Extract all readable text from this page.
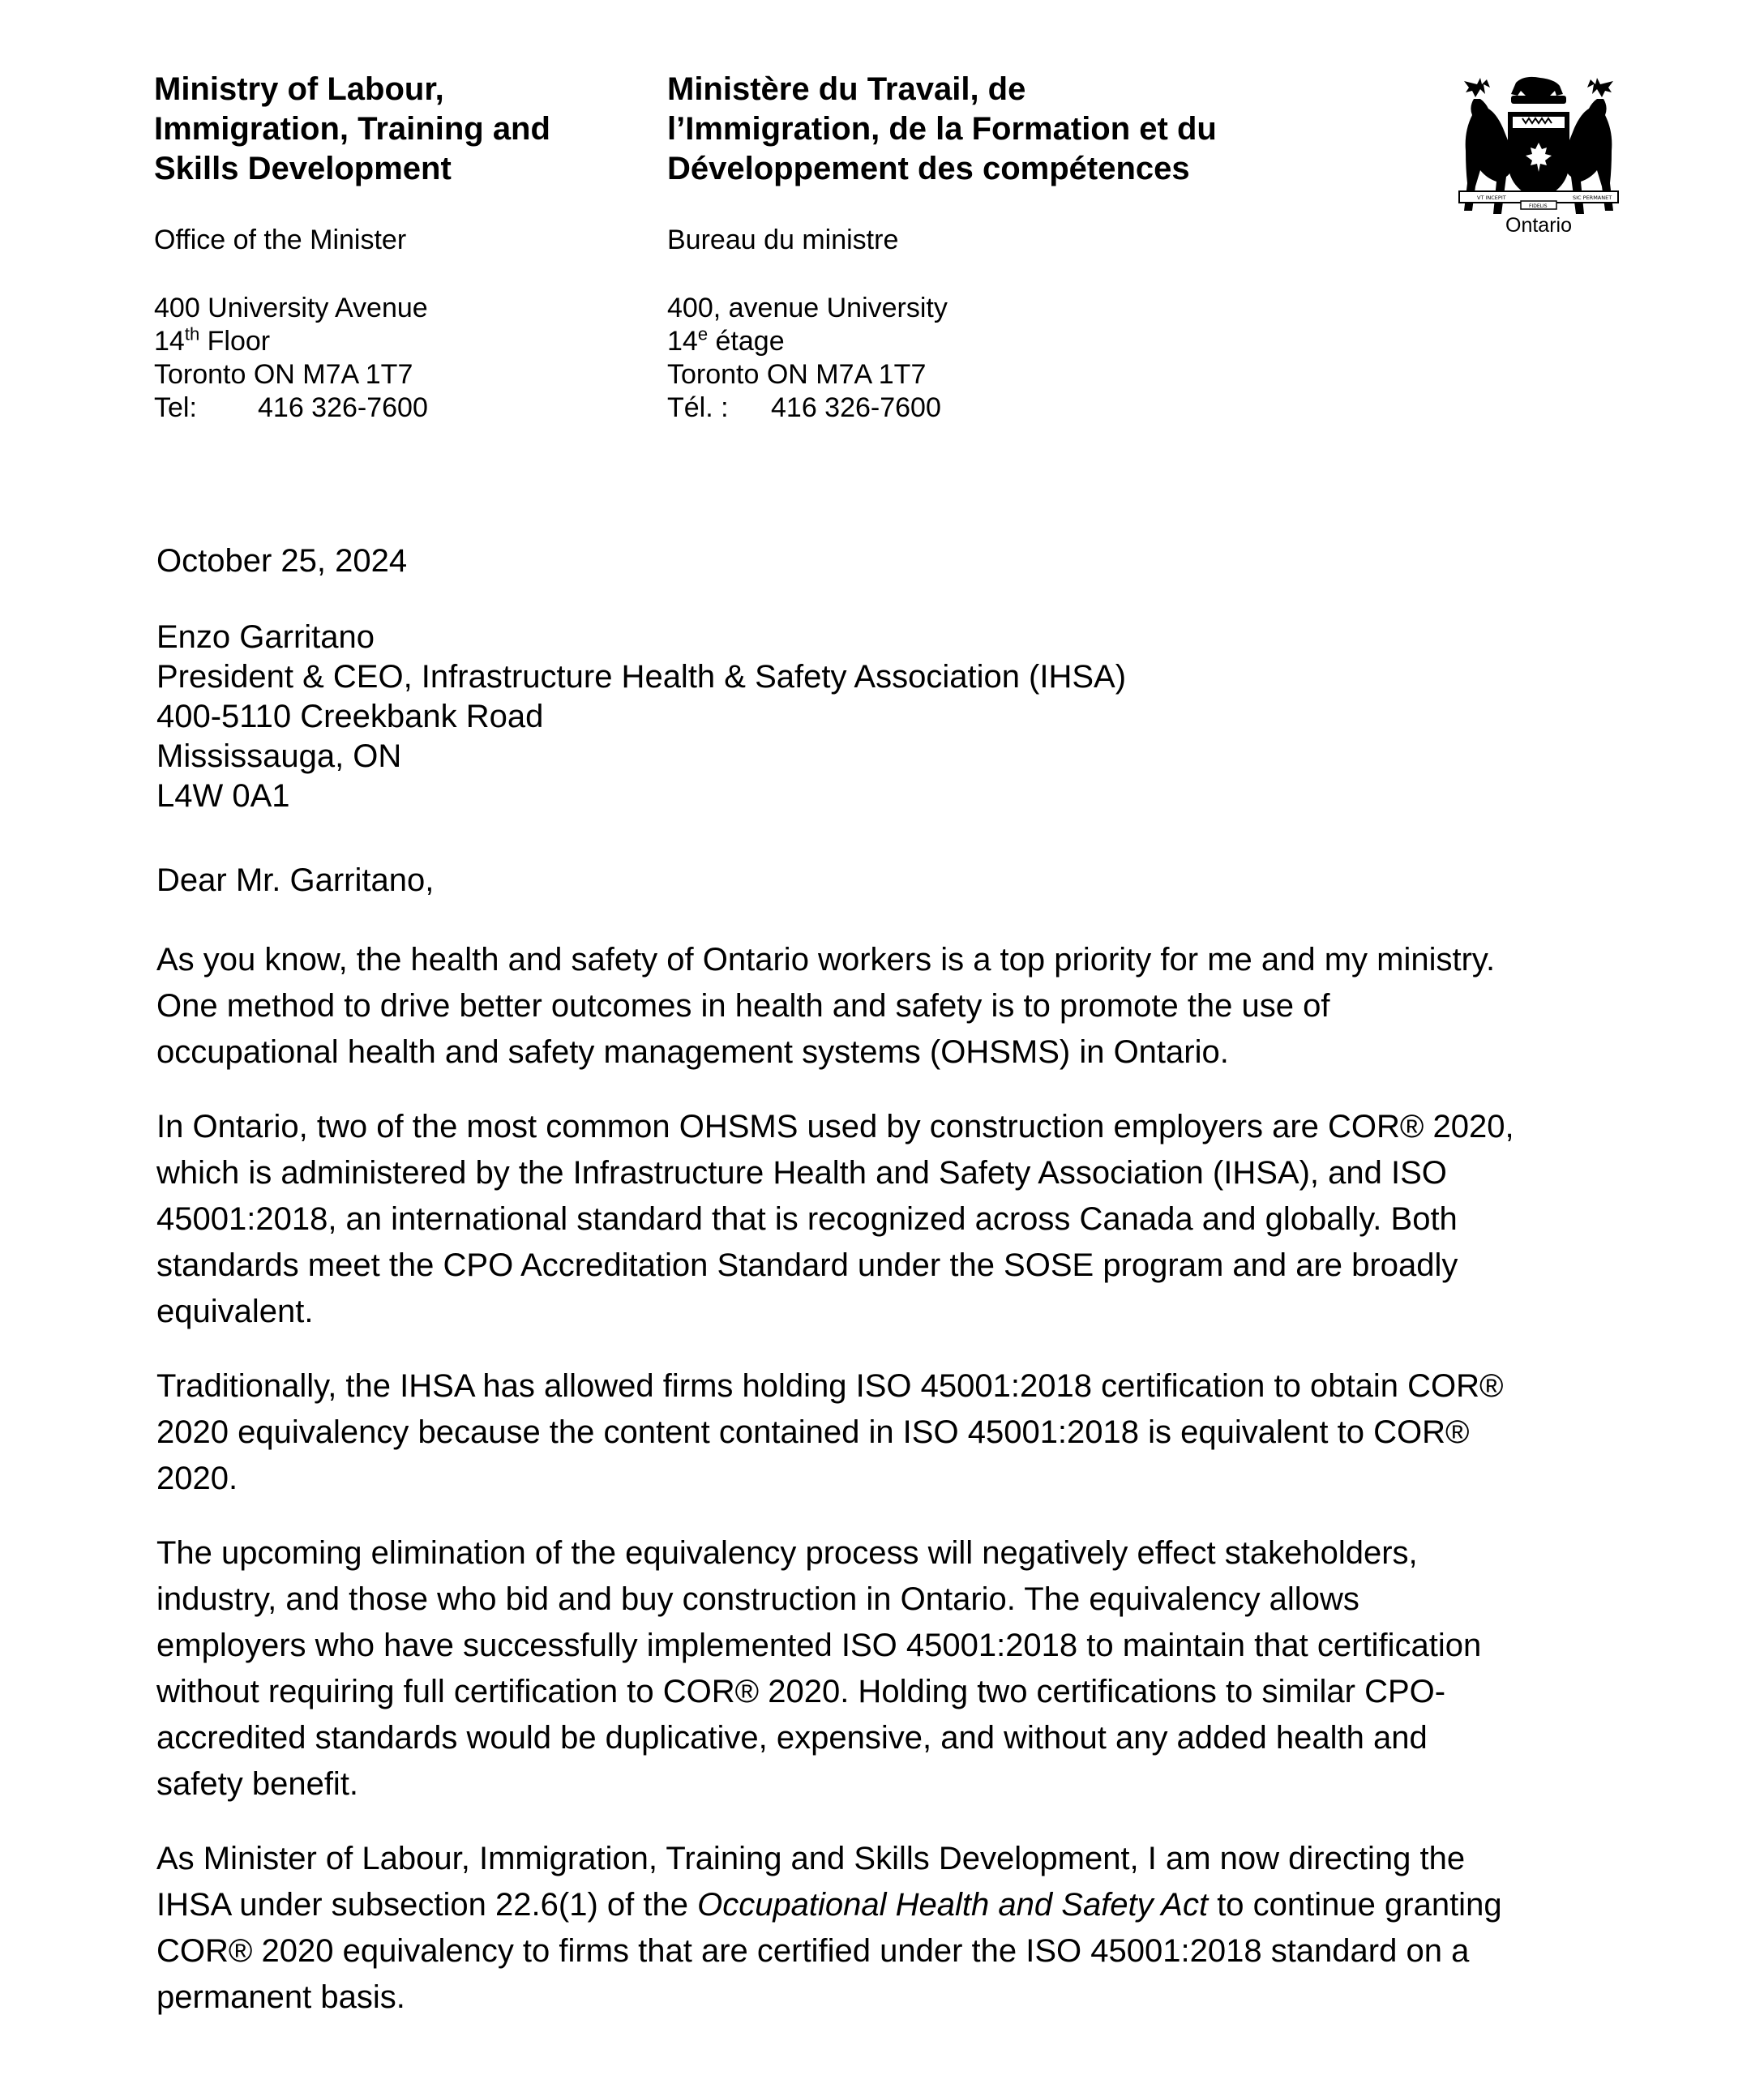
Ministry of Labour,
Immigration, Training and
Skills Development
Office of the Minister
400 University Avenue
14th Floor
Toronto ON M7A 1T7
Tel: 416 326-7600
Ministère du Travail, de
l’Immigration, de la Formation et du
Développement des compétences
Bureau du ministre
400, avenue University
14e étage
Toronto ON M7A 1T7
Tél. : 416 326-7600
VT INCEPIT
FIDELIS
SIC PERMANET
Ontario
October 25, 2024
Enzo Garritano
President & CEO, Infrastructure Health & Safety Association (IHSA)
400-5110 Creekbank Road
Mississauga, ON
L4W 0A1
Dear Mr. Garritano,
As you know, the health and safety of Ontario workers is a top priority for me and my ministry.
One method to drive better outcomes in health and safety is to promote the use of
occupational health and safety management systems (OHSMS) in Ontario.
In Ontario, two of the most common OHSMS used by construction employers are COR® 2020,
which is administered by the Infrastructure Health and Safety Association (IHSA), and ISO
45001:2018, an international standard that is recognized across Canada and globally. Both
standards meet the CPO Accreditation Standard under the SOSE program and are broadly
equivalent.
Traditionally, the IHSA has allowed firms holding ISO 45001:2018 certification to obtain COR®
2020 equivalency because the content contained in ISO 45001:2018 is equivalent to COR®
2020.
The upcoming elimination of the equivalency process will negatively effect stakeholders,
industry, and those who bid and buy construction in Ontario. The equivalency allows
employers who have successfully implemented ISO 45001:2018 to maintain that certification
without requiring full certification to COR® 2020. Holding two certifications to similar CPO-
accredited standards would be duplicative, expensive, and without any added health and
safety benefit.
As Minister of Labour, Immigration, Training and Skills Development, I am now directing the
IHSA under subsection 22.6(1) of the Occupational Health and Safety Act to continue granting
COR® 2020 equivalency to firms that are certified under the ISO 45001:2018 standard on a
permanent basis.
